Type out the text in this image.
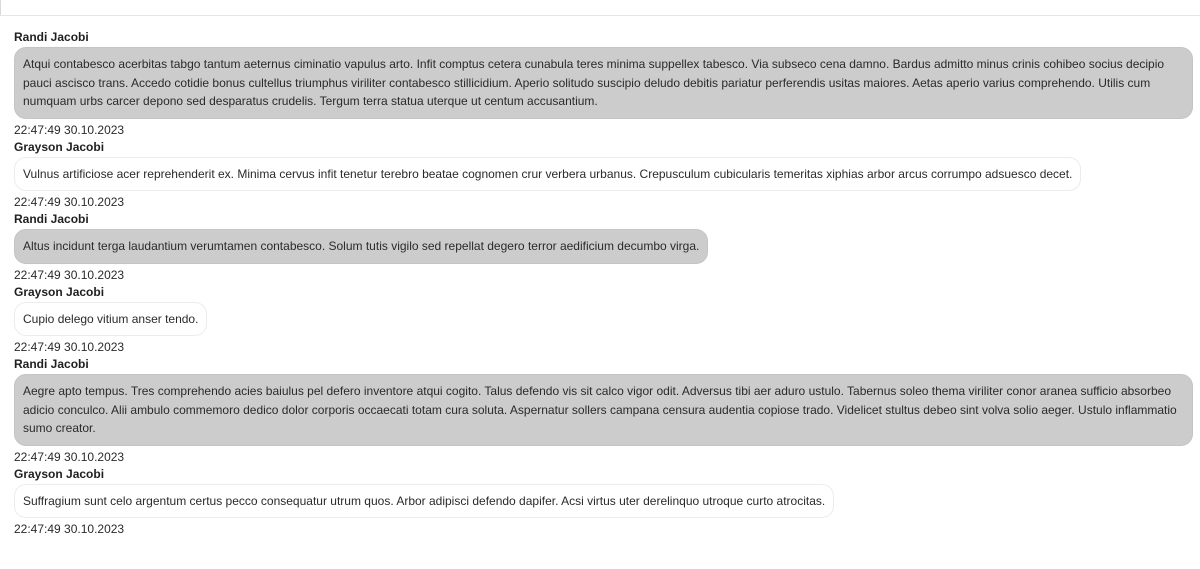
Randi Jacobi
Atqui contabesco acerbitas tabgo tantum aeternus ciminatio vapulus arto. Infit comptus cetera cunabula teres minima suppellex tabesco. Via subseco cena damno. Bardus admitto minus crinis cohibeo socius decipio pauci ascisco trans. Accedo cotidie bonus cultellus triumphus viriliter contabesco stillicidium. Aperio solitudo suscipio deludo debitis pariatur perferendis usitas maiores. Aetas aperio varius comprehendo. Utilis cum numquam urbs carcer depono sed desparatus crudelis. Tergum terra statua uterque ut centum accusantium.
22:47:49 30.10.2023
Grayson Jacobi
Vulnus artificiose acer reprehenderit ex. Minima cervus infit tenetur terebro beatae cognomen crur verbera urbanus. Crepusculum cubicularis temeritas xiphias arbor arcus corrumpo adsuesco decet.
22:47:49 30.10.2023
Randi Jacobi
Altus incidunt terga laudantium verumtamen contabesco. Solum tutis vigilo sed repellat degero terror aedificium decumbo virga.
22:47:49 30.10.2023
Grayson Jacobi
Cupio delego vitium anser tendo.
22:47:49 30.10.2023
Randi Jacobi
Aegre apto tempus. Tres comprehendo acies baiulus pel defero inventore atqui cogito. Talus defendo vis sit calco vigor odit. Adversus tibi aer aduro ustulo. Tabernus soleo thema viriliter conor aranea sufficio absorbeo adicio conculco. Alii ambulo commemoro dedico dolor corporis occaecati totam cura soluta. Aspernatur sollers campana censura audentia copiose trado. Videlicet stultus debeo sint volva solio aeger. Ustulo inflammatio sumo creator.
22:47:49 30.10.2023
Grayson Jacobi
Suffragium sunt celo argentum certus pecco consequatur utrum quos. Arbor adipisci defendo dapifer. Acsi virtus uter derelinquo utroque curto atrocitas.
22:47:49 30.10.2023
